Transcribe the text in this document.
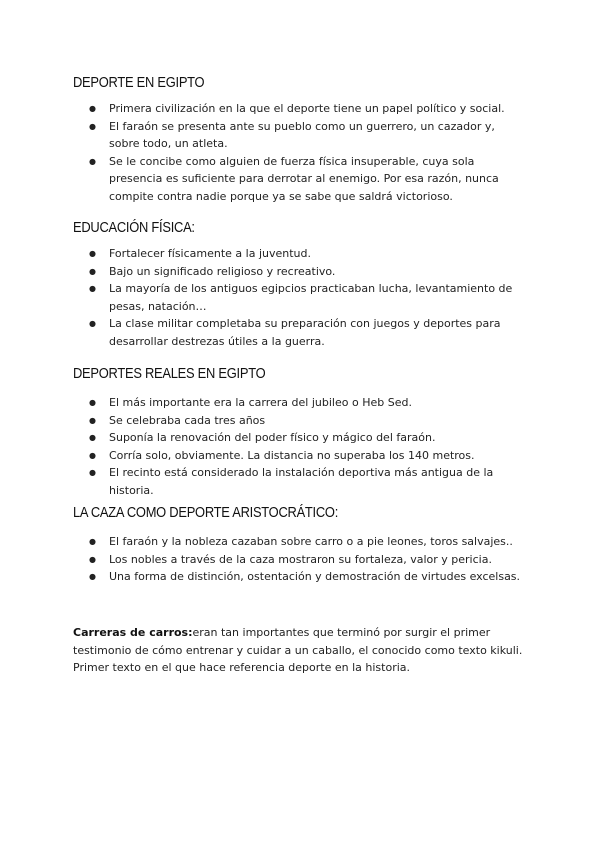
DEPORTE EN EGIPTO
● Primera civilización en la que el deporte tiene un papel político y social.
● El faraón se presenta ante su pueblo como un guerrero, un cazador y, sobre todo, un atleta.
● Se le concibe como alguien de fuerza física insuperable, cuya sola presencia es suficiente para derrotar al enemigo. Por esa razón, nunca compite contra nadie porque ya se sabe que saldrá victorioso.
EDUCACIÓN FÍSICA:
● Fortalecer físicamente a la juventud.
● Bajo un significado religioso y recreativo.
● La mayoría de los antiguos egipcios practicaban lucha, levantamiento de pesas, natación…
● La clase militar completaba su preparación con juegos y deportes para desarrollar destrezas útiles a la guerra.
DEPORTES REALES EN EGIPTO
● El más importante era la carrera del jubileo o Heb Sed.
● Se celebraba cada tres años
● Suponía la renovación del poder físico y mágico del faraón.
● Corría solo, obviamente. La distancia no superaba los 140 metros.
● El recinto está considerado la instalación deportiva más antigua de la historia.
LA CAZA COMO DEPORTE ARISTOCRÁTICO:
● El faraón y la nobleza cazaban sobre carro o a pie leones, toros salvajes..
● Los nobles a través de la caza mostraron su fortaleza, valor y pericia.
● Una forma de distinción, ostentación y demostración de virtudes excelsas.

Carreras de carros:eran tan importantes que terminó por surgir el primer testimonio de cómo entrenar y cuidar a un caballo, el conocido como texto kikuli. Primer texto en el que hace referencia deporte en la historia.
